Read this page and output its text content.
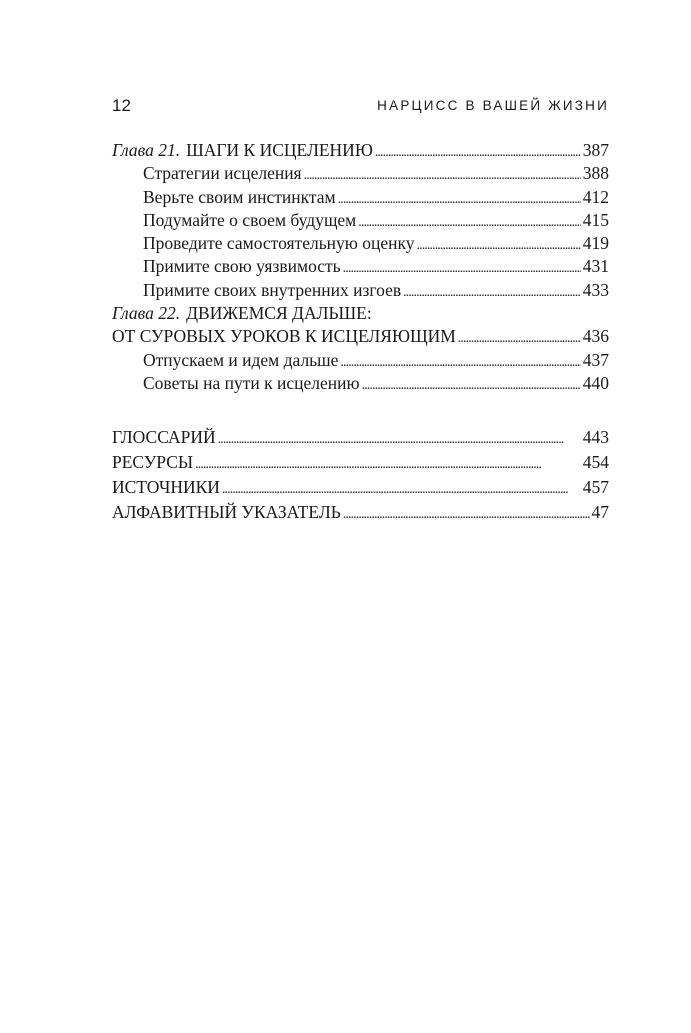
12	НАРЦИСС В ВАШЕЙ ЖИЗНИ
Глава 21. ШАГИ К ИСЦЕЛЕНИЮ . . .	387
Стратегии исцеления . . .	388
Верьте своим инстинктам . . .	412
Подумайте о своем будущем . . .	415
Проведите самостоятельную оценку . . .	419
Примите свою уязвимость . . .	431
Примите своих внутренних изгоев . . .	433
Глава 22. ДВИЖЕМСЯ ДАЛЬШЕ:
ОТ СУРОВЫХ УРОКОВ К ИСЦЕЛЯЮЩИМ . . .	436
Отпускаем и идем дальше . . .	437
Советы на пути к исцелению . . .	440
ГЛОССАРИЙ . . .	443
РЕСУРСЫ . . .	454
ИСТОЧНИКИ . . .	457
АЛФАВИТНЫЙ УКАЗАТЕЛЬ . . .	47
